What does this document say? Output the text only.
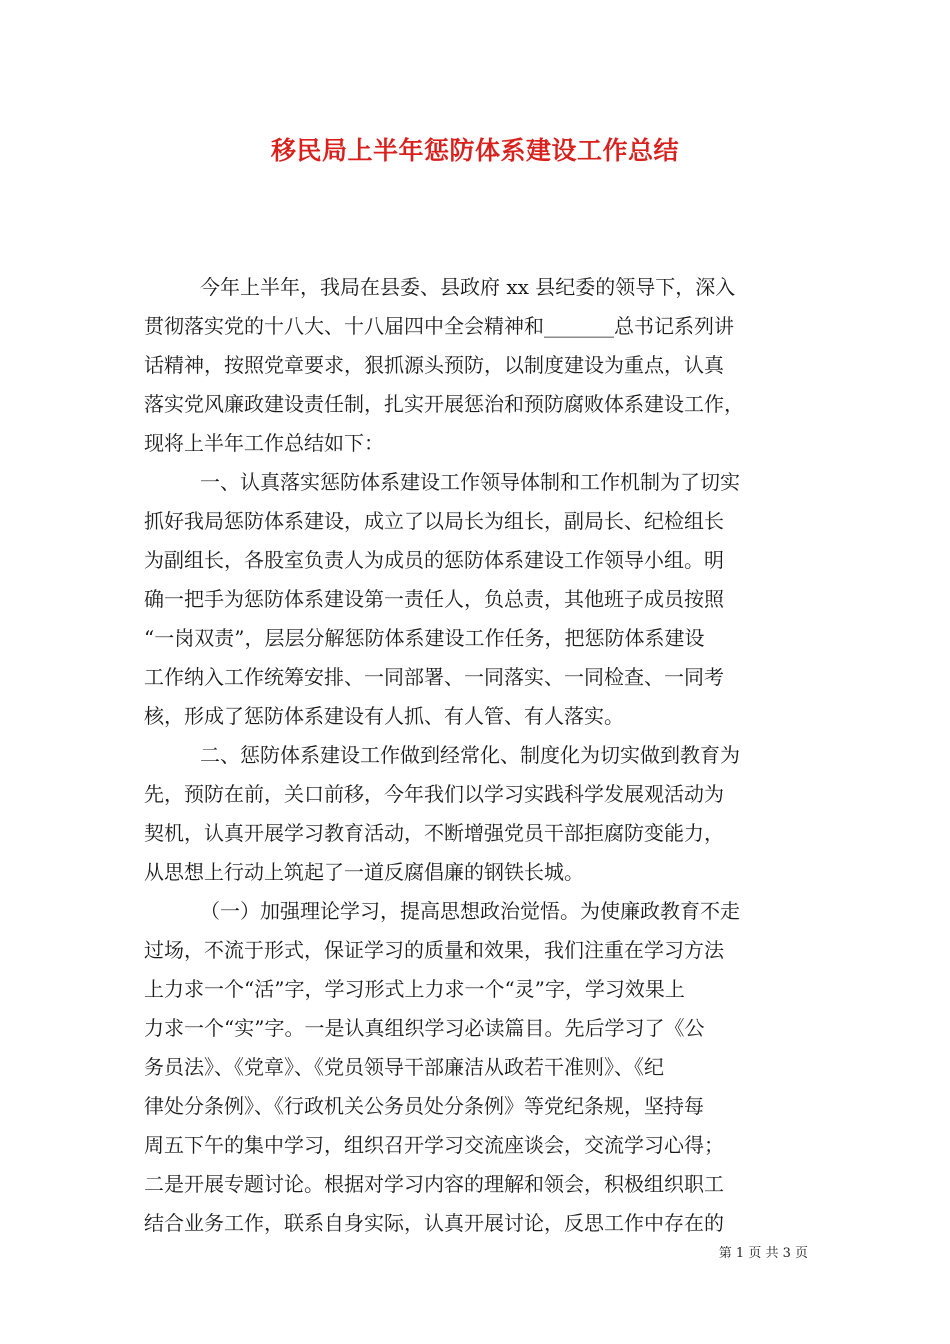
移民局上半年惩防体系建设工作总结
今年上半年，我局在县委、县政府 xx 县纪委的领导下，深入
贯彻落实党的十八大、十八届四中全会精神和_______总书记系列讲
话精神，按照党章要求，狠抓源头预防，以制度建设为重点，认真
落实党风廉政建设责任制，扎实开展惩治和预防腐败体系建设工作，
现将上半年工作总结如下：
一、认真落实惩防体系建设工作领导体制和工作机制为了切实
抓好我局惩防体系建设，成立了以局长为组长，副局长、纪检组长
为副组长，各股室负责人为成员的惩防体系建设工作领导小组。明
确一把手为惩防体系建设第一责任人，负总责，其他班子成员按照
“一岗双责”，层层分解惩防体系建设工作任务，把惩防体系建设
工作纳入工作统筹安排、一同部署、一同落实、一同检查、一同考
核，形成了惩防体系建设有人抓、有人管、有人落实。
二、惩防体系建设工作做到经常化、制度化为切实做到教育为
先，预防在前，关口前移，今年我们以学习实践科学发展观活动为
契机，认真开展学习教育活动，不断增强党员干部拒腐防变能力，
从思想上行动上筑起了一道反腐倡廉的钢铁长城。
（一）加强理论学习，提高思想政治觉悟。为使廉政教育不走
过场，不流于形式，保证学习的质量和效果，我们注重在学习方法
上力求一个“活”字，学习形式上力求一个“灵”字，学习效果上
力求一个“实”字。一是认真组织学习必读篇目。先后学习了《公
务员法》、《党章》、《党员领导干部廉洁从政若干准则》、《纪
律处分条例》、《行政机关公务员处分条例》等党纪条规，坚持每
周五下午的集中学习，组织召开学习交流座谈会，交流学习心得；
二是开展专题讨论。根据对学习内容的理解和领会，积极组织职工
结合业务工作，联系自身实际，认真开展讨论，反思工作中存在的
第 1 页 共 3 页
